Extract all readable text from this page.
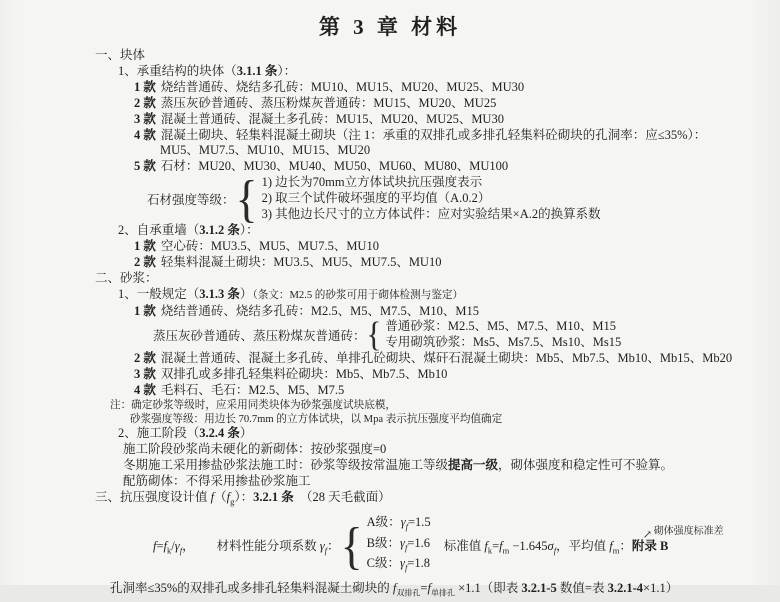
第 3 章 材料
一、块体
1、承重结构的块体（3.1.1 条）：
1 款 烧结普通砖、烧结多孔砖：MU10、MU15、MU20、MU25、MU30
2 款 蒸压灰砂普通砖、蒸压粉煤灰普通砖：MU15、MU20、MU25
3 款 混凝土普通砖、混凝土多孔砖：MU15、MU20、MU25、MU30
4 款 混凝土砌块、轻集料混凝土砌块（注 1：承重的双排孔或多排孔轻集料砼砌块的孔洞率：应≤35%）：
MU5、MU7.5、MU10、MU15、MU20
5 款 石材：MU20、MU30、MU40、MU50、MU60、MU80、MU100
石材强度等级：
{
1) 边长为70mm立方体试块抗压强度表示
2) 取三个试件破坏强度的平均值（A.0.2）
3) 其他边长尺寸的立方体试件：应对实验结果×A.2的换算系数
2、自承重墙（3.1.2 条）：
1 款 空心砖：MU3.5、MU5、MU7.5、MU10
2 款 轻集料混凝土砌块：MU3.5、MU5、MU7.5、MU10
二、砂浆：
1、一般规定（3.1.3 条）（条文：M2.5 的砂浆可用于砌体检测与鉴定）
1 款 烧结普通砖、烧结多孔砖：M2.5、M5、M7.5、M10、M15
蒸压灰砂普通砖、蒸压粉煤灰普通砖：
{
普通砂浆：M2.5、M5、M7.5、M10、M15
专用砌筑砂浆：Ms5、Ms7.5、Ms10、Ms15
2 款 混凝土普通砖、混凝土多孔砖、单排孔砼砌块、煤矸石混凝土砌块：Mb5、Mb7.5、Mb10、Mb15、Mb20
3 款 双排孔或多排孔轻集料砼砌块：Mb5、Mb7.5、Mb10
4 款 毛料石、毛石：M2.5、M5、M7.5
注：确定砂浆等级时，应采用同类块体为砂浆强度试块底模，
砂浆强度等级：用边长 70.7mm 的立方体试块，以 Mpa 表示抗压强度平均值确定
2、施工阶段（3.2.4 条）
施工阶段砂浆尚未硬化的新砌体：按砂浆强度=0
冬期施工采用掺盐砂浆法施工时：砂浆等级按常温施工等级提高一级，砌体强度和稳定性可不验算。
配筋砌体：不得采用掺盐砂浆施工
三、抗压强度设计值 $f(f_g)$：3.2.1 条　（28 天毛截面）
$f=f_k/\gamma_f$， 材料性能分项系数 $\gamma_f$：
{
A级：$\gamma_f=1.5$
B级：$\gamma_f=1.6$
C级：$\gamma_f=1.8$
砌体强度标准差
↗
标准值 $f_k=f_m -1.645\sigma_f$，平均值 $f_m$：附录 B
孔洞率≤35%的双排孔或多排孔轻集料混凝土砌块的 $f_{双排孔}=f_{单排孔} \times 1.1$（即表 3.2.1-5 数值=表 3.2.1-4×1.1）
